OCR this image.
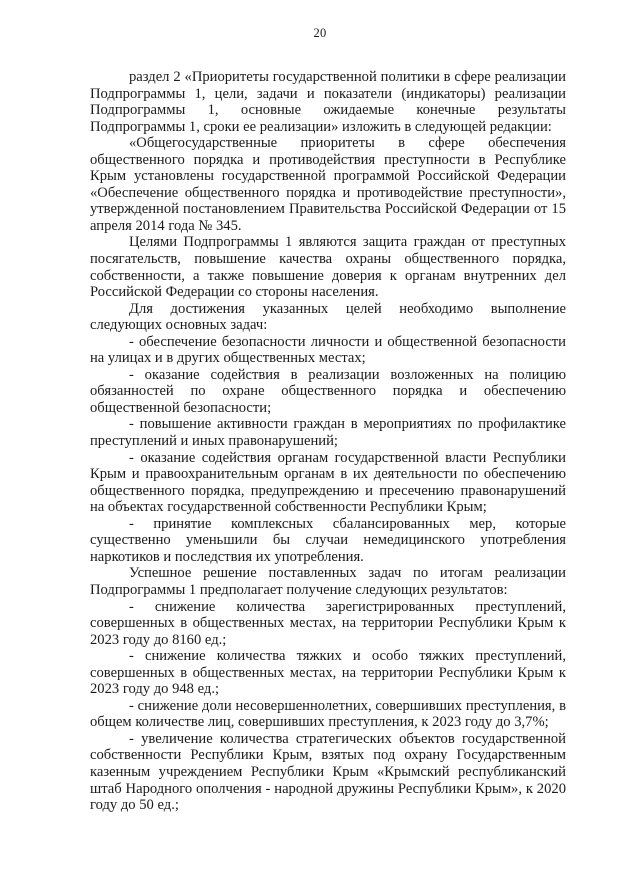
20

раздел 2 «Приоритеты государственной политики в сфере реализации Подпрограммы 1, цели, задачи и показатели (индикаторы) реализации Подпрограммы 1, основные ожидаемые конечные результаты Подпрограммы 1, сроки ее реализации» изложить в следующей редакции:

«Общегосударственные приоритеты в сфере обеспечения общественного порядка и противодействия преступности в Республике Крым установлены государственной программой Российской Федерации «Обеспечение общественного порядка и противодействие преступности», утвержденной постановлением Правительства Российской Федерации от 15 апреля 2014 года № 345.

Целями Подпрограммы 1 являются защита граждан от преступных посягательств, повышение качества охраны общественного порядка, собственности, а также повышение доверия к органам внутренних дел Российской Федерации со стороны населения.

Для достижения указанных целей необходимо выполнение следующих основных задач:

- обеспечение безопасности личности и общественной безопасности на улицах и в других общественных местах;

- оказание содействия в реализации возложенных на полицию обязанностей по охране общественного порядка и обеспечению общественной безопасности;

- повышение активности граждан в мероприятиях по профилактике преступлений и иных правонарушений;

- оказание содействия органам государственной власти Республики Крым и правоохранительным органам в их деятельности по обеспечению общественного порядка, предупреждению и пресечению правонарушений на объектах государственной собственности Республики Крым;

- принятие комплексных сбалансированных мер, которые существенно уменьшили бы случаи немедицинского употребления наркотиков и последствия их употребления.

Успешное решение поставленных задач по итогам реализации Подпрограммы 1 предполагает получение следующих результатов:

- снижение количества зарегистрированных преступлений, совершенных в общественных местах, на территории Республики Крым к 2023 году до 8160 ед.;

- снижение количества тяжких и особо тяжких преступлений, совершенных в общественных местах, на территории Республики Крым к 2023 году до 948 ед.;

- снижение доли несовершеннолетних, совершивших преступления, в общем количестве лиц, совершивших преступления, к 2023 году до 3,7%;

- увеличение количества стратегических объектов государственной собственности Республики Крым, взятых под охрану Государственным казенным учреждением Республики Крым «Крымский республиканский штаб Народного ополчения - народной дружины Республики Крым», к 2020 году до 50 ед.;
